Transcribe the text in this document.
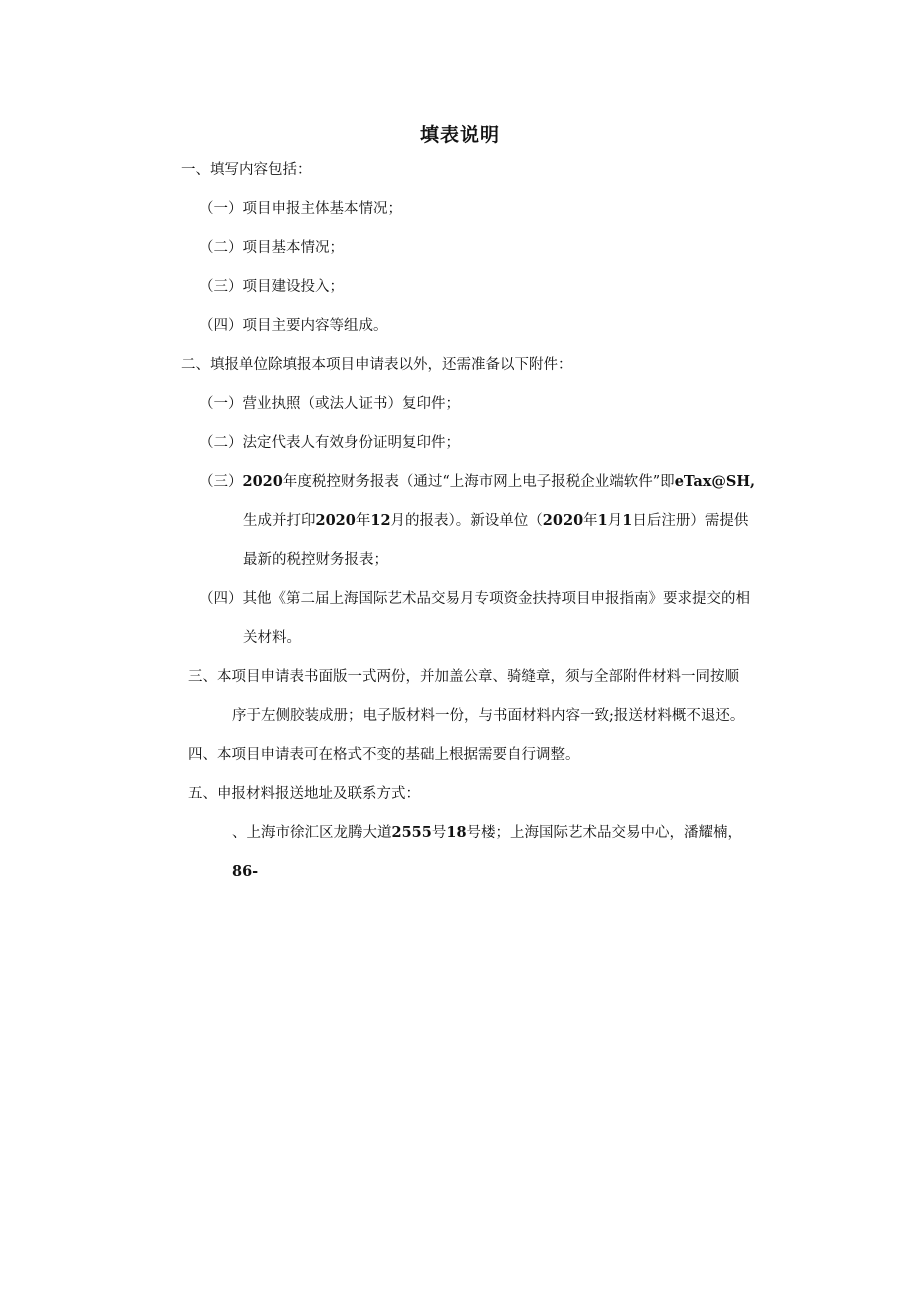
填表说明
一、填写内容包括：
（一）项目申报主体基本情况；
（二）项目基本情况；
（三）项目建设投入；
（四）项目主要内容等组成。
二、填报单位除填报本项目申请表以外，还需准备以下附件：
（一）营业执照（或法人证书）复印件；
（二）法定代表人有效身份证明复印件；
（三）2020年度税控财务报表（通过“上海市网上电子报税企业端软件”即eTax@SH,
生成并打印2020年12月的报表）。新设单位（2020年1月1日后注册）需提供
最新的税控财务报表；
（四）其他《第二届上海国际艺术品交易月专项资金扶持项目申报指南》要求提交的相
关材料。
三、本项目申请表书面版一式两份，并加盖公章、骑缝章，须与全部附件材料一同按顺
序于左侧胶装成册；电子版材料一份，与书面材料内容一致;报送材料概不退还。
四、本项目申请表可在格式不变的基础上根据需要自行调整。
五、申报材料报送地址及联系方式：
、上海市徐汇区龙腾大道2555号18号楼；上海国际艺术品交易中心，潘耀楠，
86-
